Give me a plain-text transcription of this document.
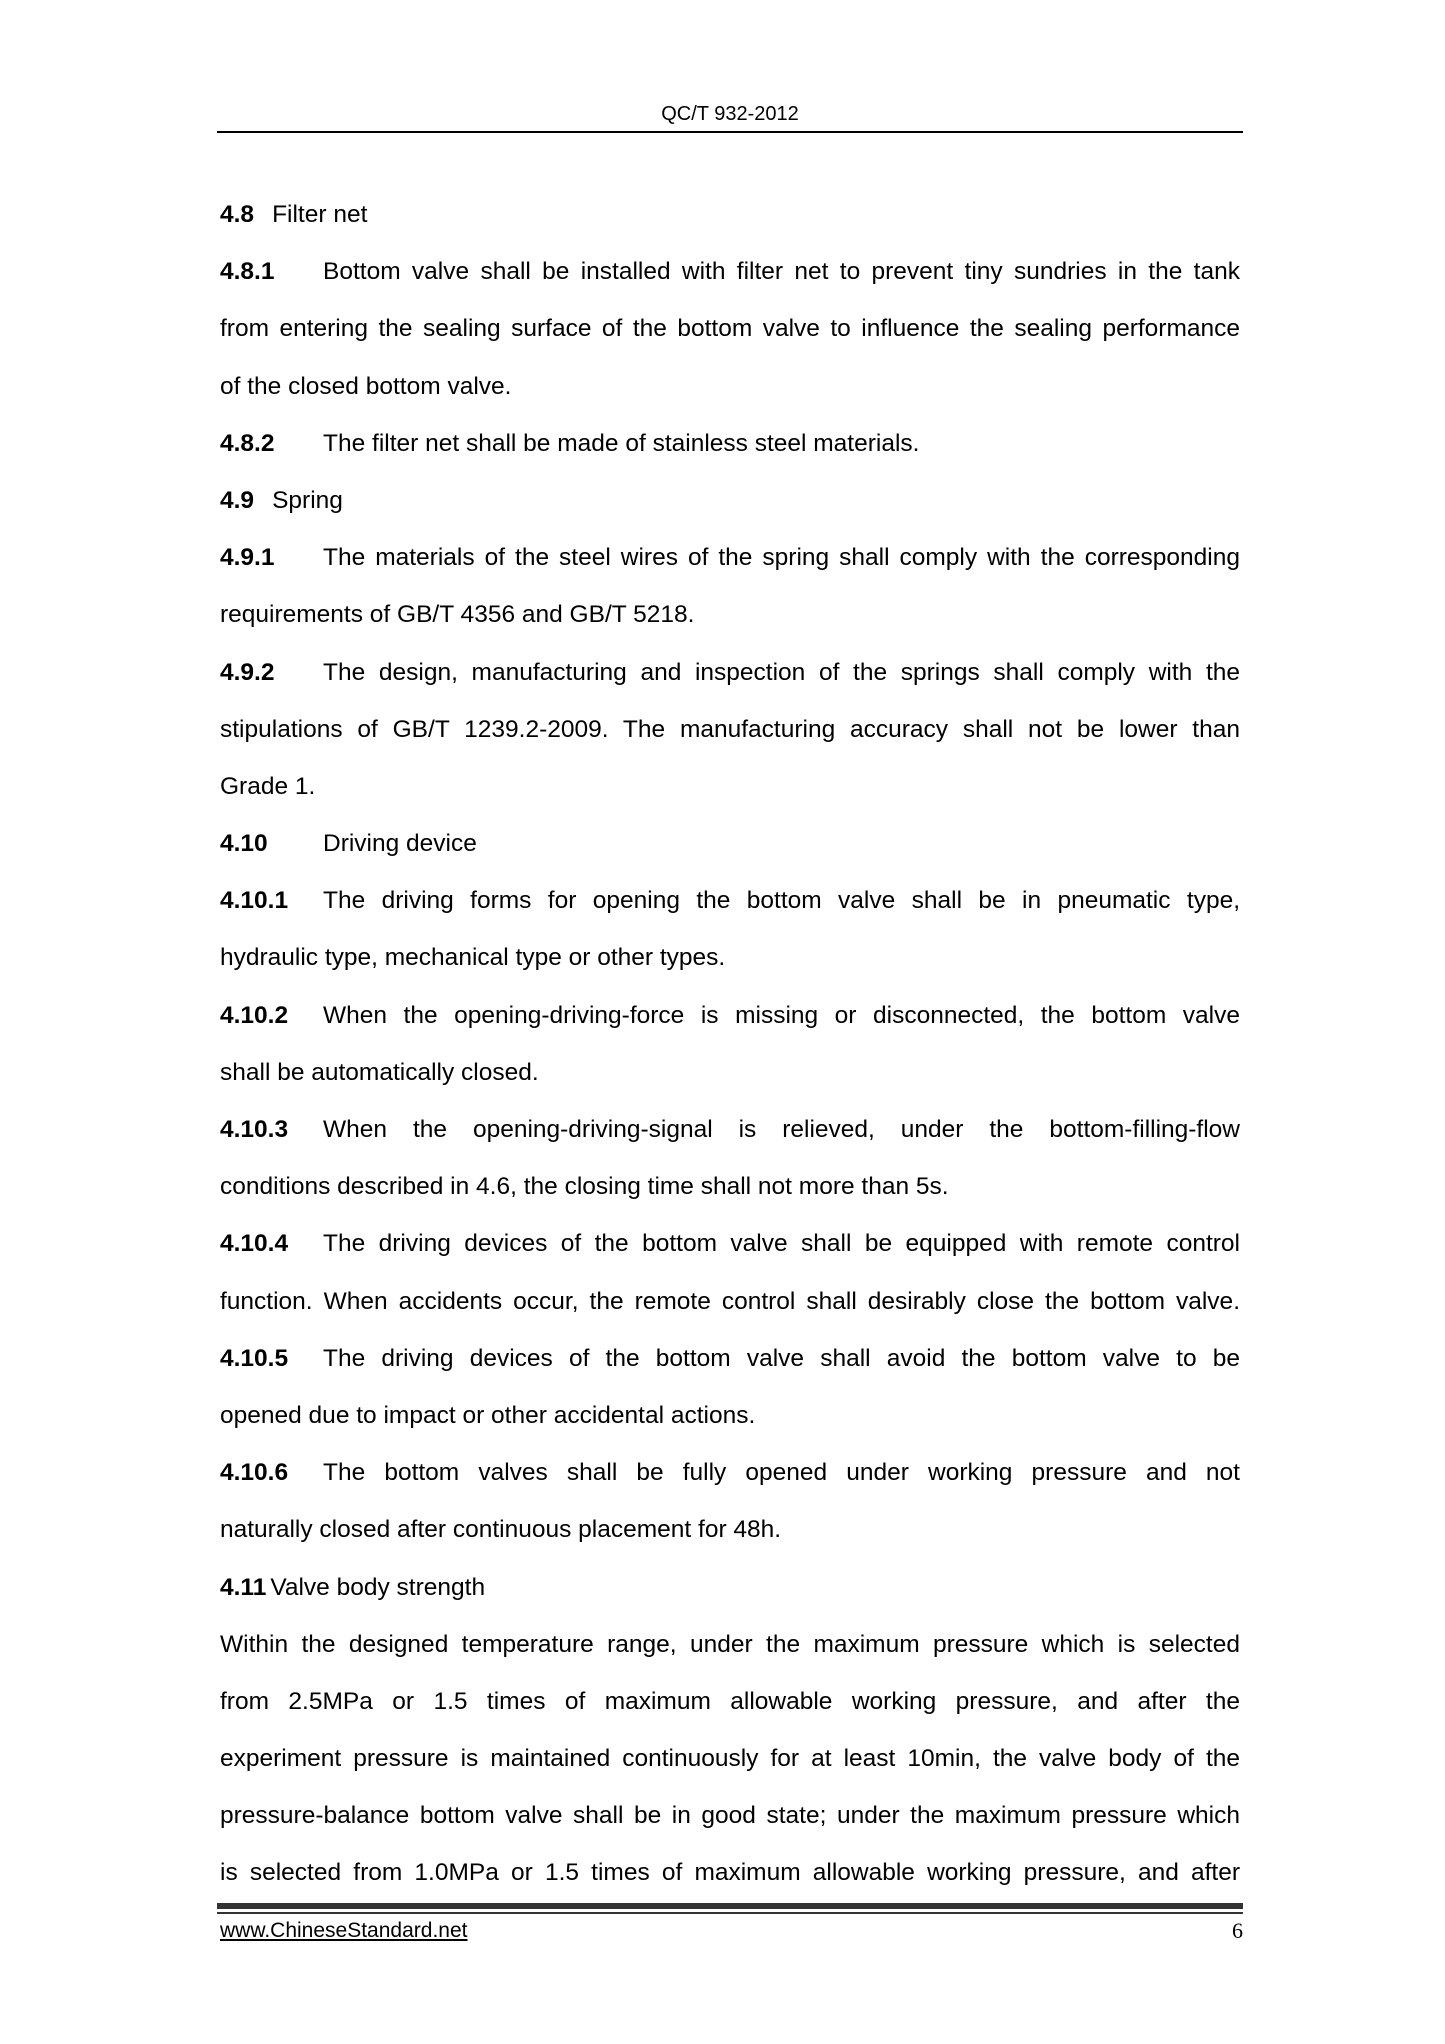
QC/T 932-2012
4.8 Filter net
4.8.1 Bottom valve shall be installed with filter net to prevent tiny sundries in the tank
from entering the sealing surface of the bottom valve to influence the sealing performance
of the closed bottom valve.
4.8.2 The filter net shall be made of stainless steel materials.
4.9 Spring
4.9.1 The materials of the steel wires of the spring shall comply with the corresponding
requirements of GB/T 4356 and GB/T 5218.
4.9.2 The design, manufacturing and inspection of the springs shall comply with the
stipulations of GB/T 1239.2-2009. The manufacturing accuracy shall not be lower than
Grade 1.
4.10 Driving device
4.10.1 The driving forms for opening the bottom valve shall be in pneumatic type,
hydraulic type, mechanical type or other types.
4.10.2 When the opening-driving-force is missing or disconnected, the bottom valve
shall be automatically closed.
4.10.3 When the opening-driving-signal is relieved, under the bottom-filling-flow
conditions described in 4.6, the closing time shall not more than 5s.
4.10.4 The driving devices of the bottom valve shall be equipped with remote control
function. When accidents occur, the remote control shall desirably close the bottom valve.
4.10.5 The driving devices of the bottom valve shall avoid the bottom valve to be
opened due to impact or other accidental actions.
4.10.6 The bottom valves shall be fully opened under working pressure and not
naturally closed after continuous placement for 48h.
4.11 Valve body strength
Within the designed temperature range, under the maximum pressure which is selected
from 2.5MPa or 1.5 times of maximum allowable working pressure, and after the
experiment pressure is maintained continuously for at least 10min, the valve body of the
pressure-balance bottom valve shall be in good state; under the maximum pressure which
is selected from 1.0MPa or 1.5 times of maximum allowable working pressure, and after
www.ChineseStandard.net	6
